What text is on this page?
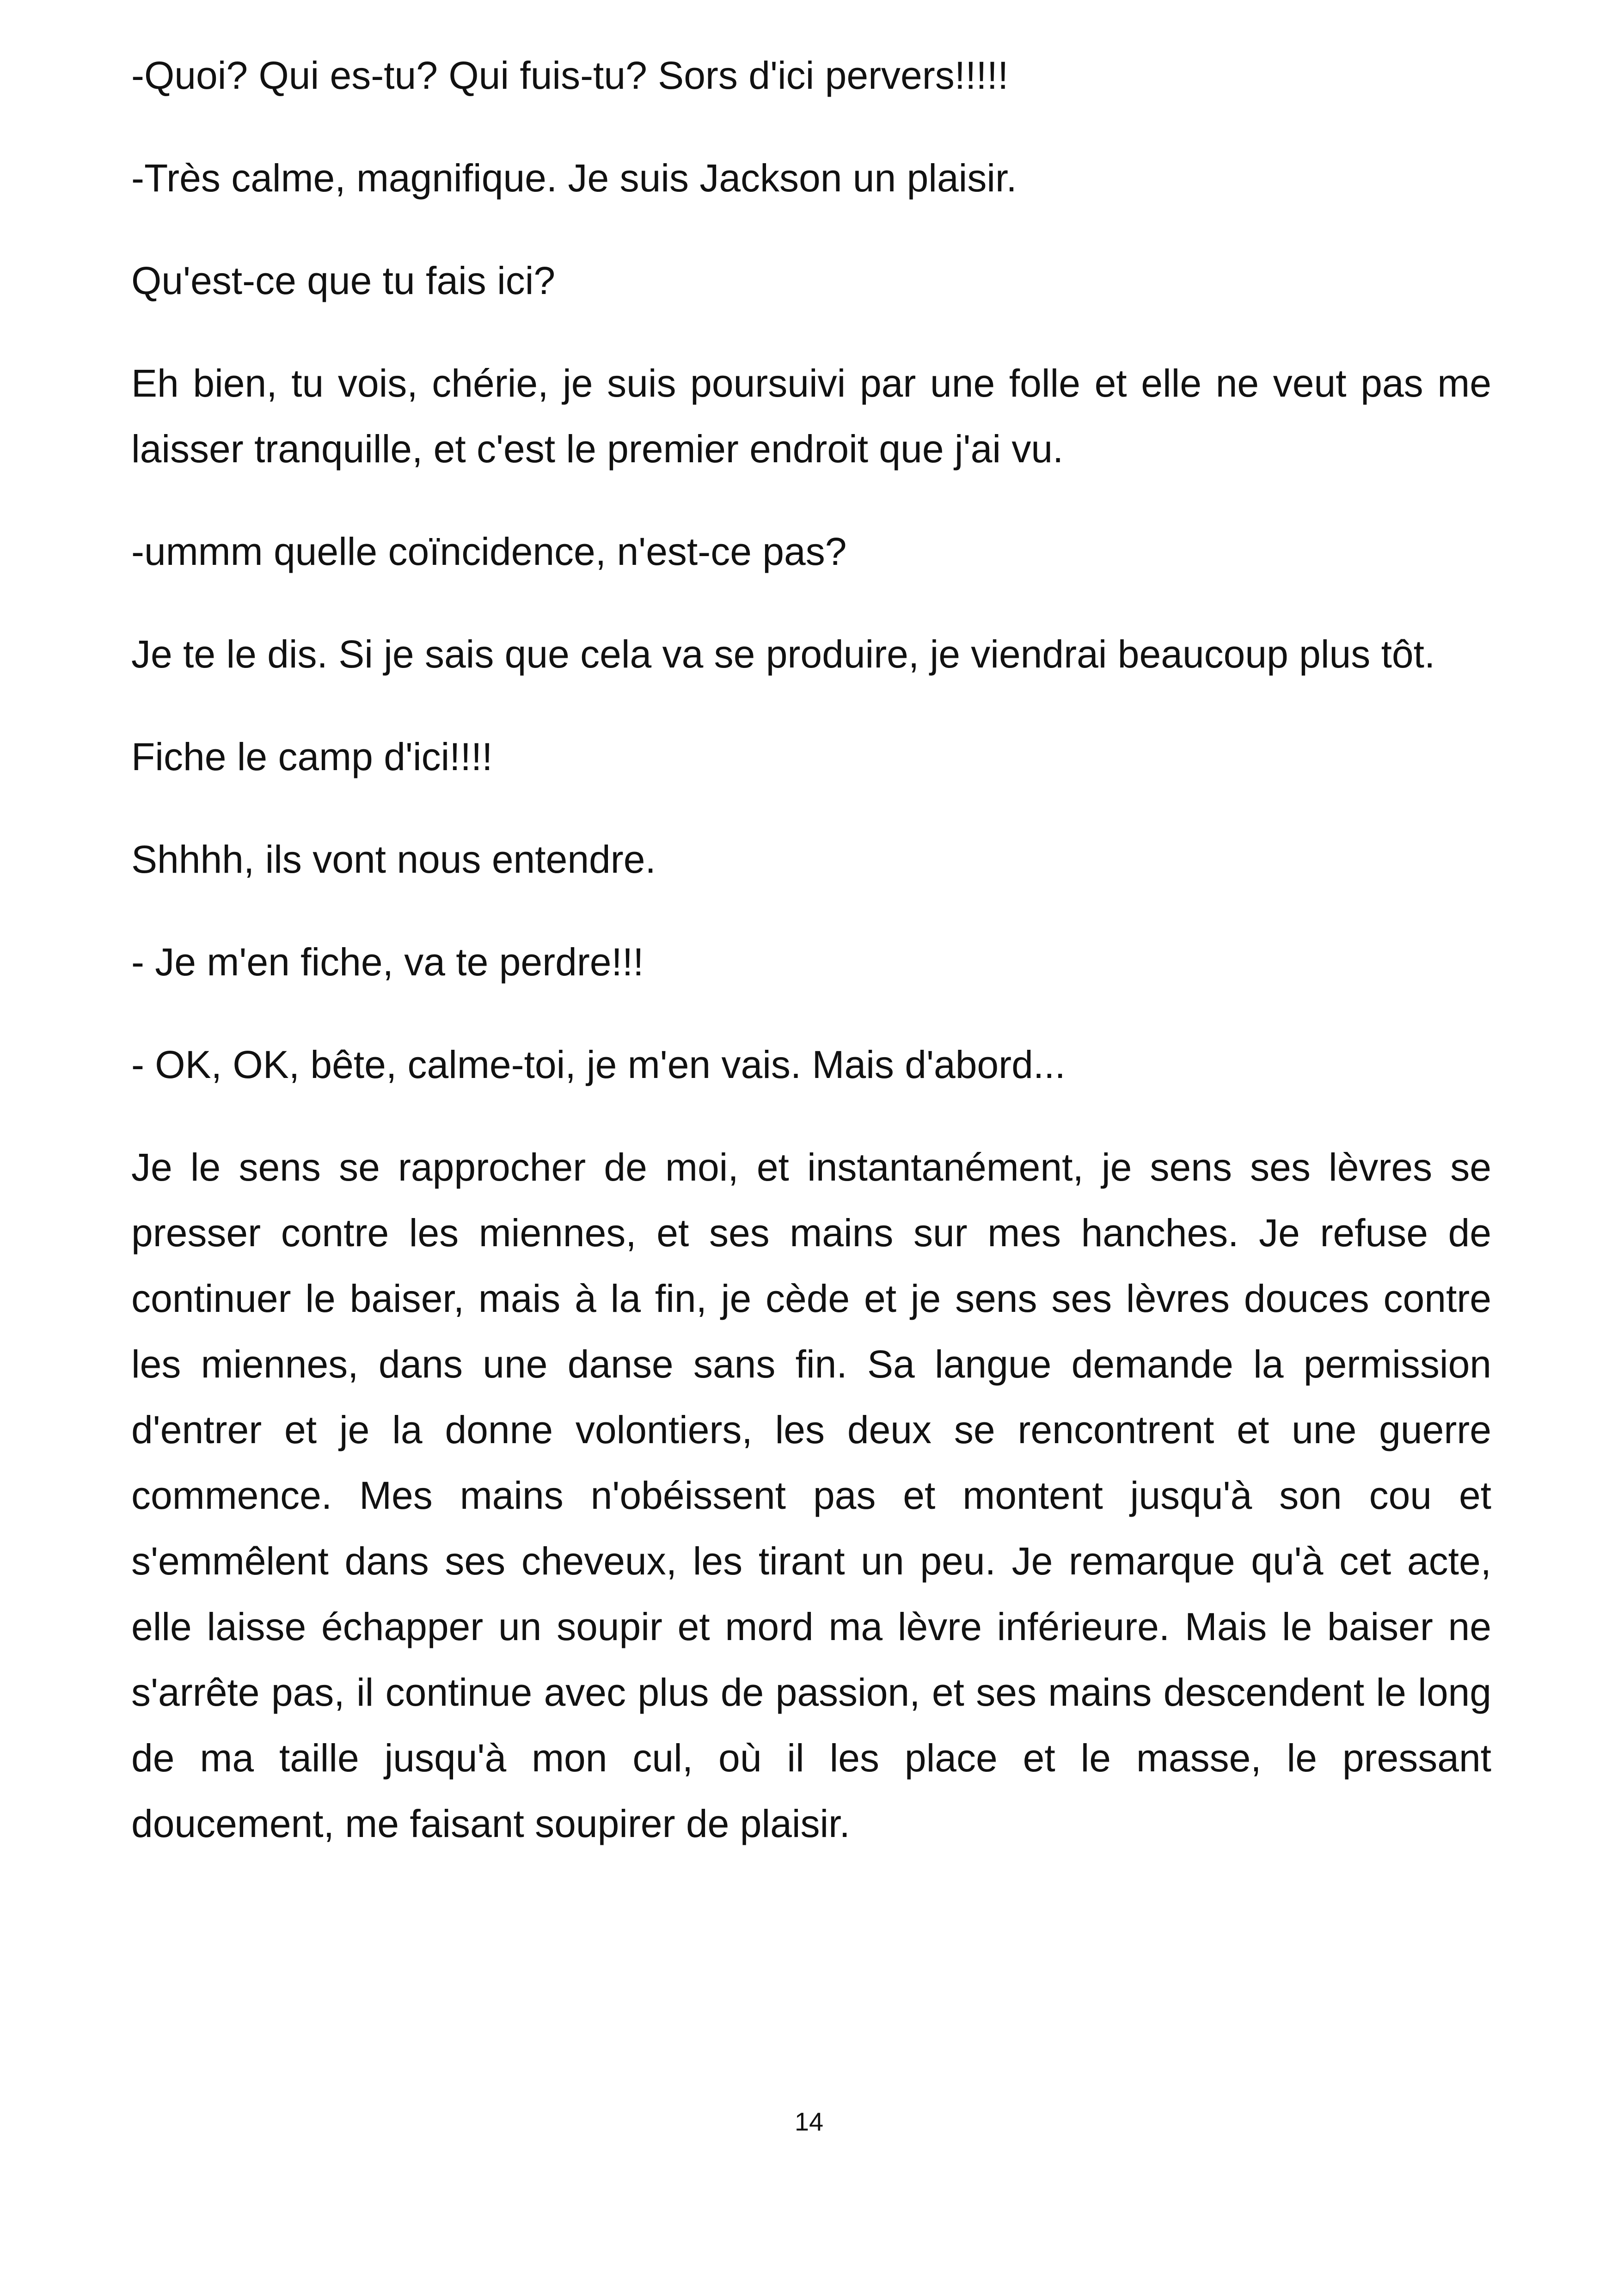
-Quoi? Qui es-tu? Qui fuis-tu? Sors d'ici pervers!!!!!

-Très calme, magnifique. Je suis Jackson un plaisir.

Qu'est-ce que tu fais ici?

Eh bien, tu vois, chérie, je suis poursuivi par une folle et elle ne veut pas me laisser tranquille, et c'est le premier endroit que j'ai vu.

-ummm quelle coïncidence, n'est-ce pas?

Je te le dis. Si je sais que cela va se produire, je viendrai beaucoup plus tôt.

Fiche le camp d'ici!!!!

Shhhh, ils vont nous entendre.

- Je m'en fiche, va te perdre!!!

- OK, OK, bête, calme-toi, je m'en vais. Mais d'abord...

Je le sens se rapprocher de moi, et instantanément, je sens ses lèvres se presser contre les miennes, et ses mains sur mes hanches. Je refuse de continuer le baiser, mais à la fin, je cède et je sens ses lèvres douces contre les miennes, dans une danse sans fin. Sa langue demande la permission d'entrer et je la donne volontiers, les deux se rencontrent et une guerre commence. Mes mains n'obéissent pas et montent jusqu'à son cou et s'emmêlent dans ses cheveux, les tirant un peu. Je remarque qu'à cet acte, elle laisse échapper un soupir et mord ma lèvre inférieure. Mais le baiser ne s'arrête pas, il continue avec plus de passion, et ses mains descendent le long de ma taille jusqu'à mon cul, où il les place et le masse, le pressant doucement, me faisant soupirer de plaisir.

14
